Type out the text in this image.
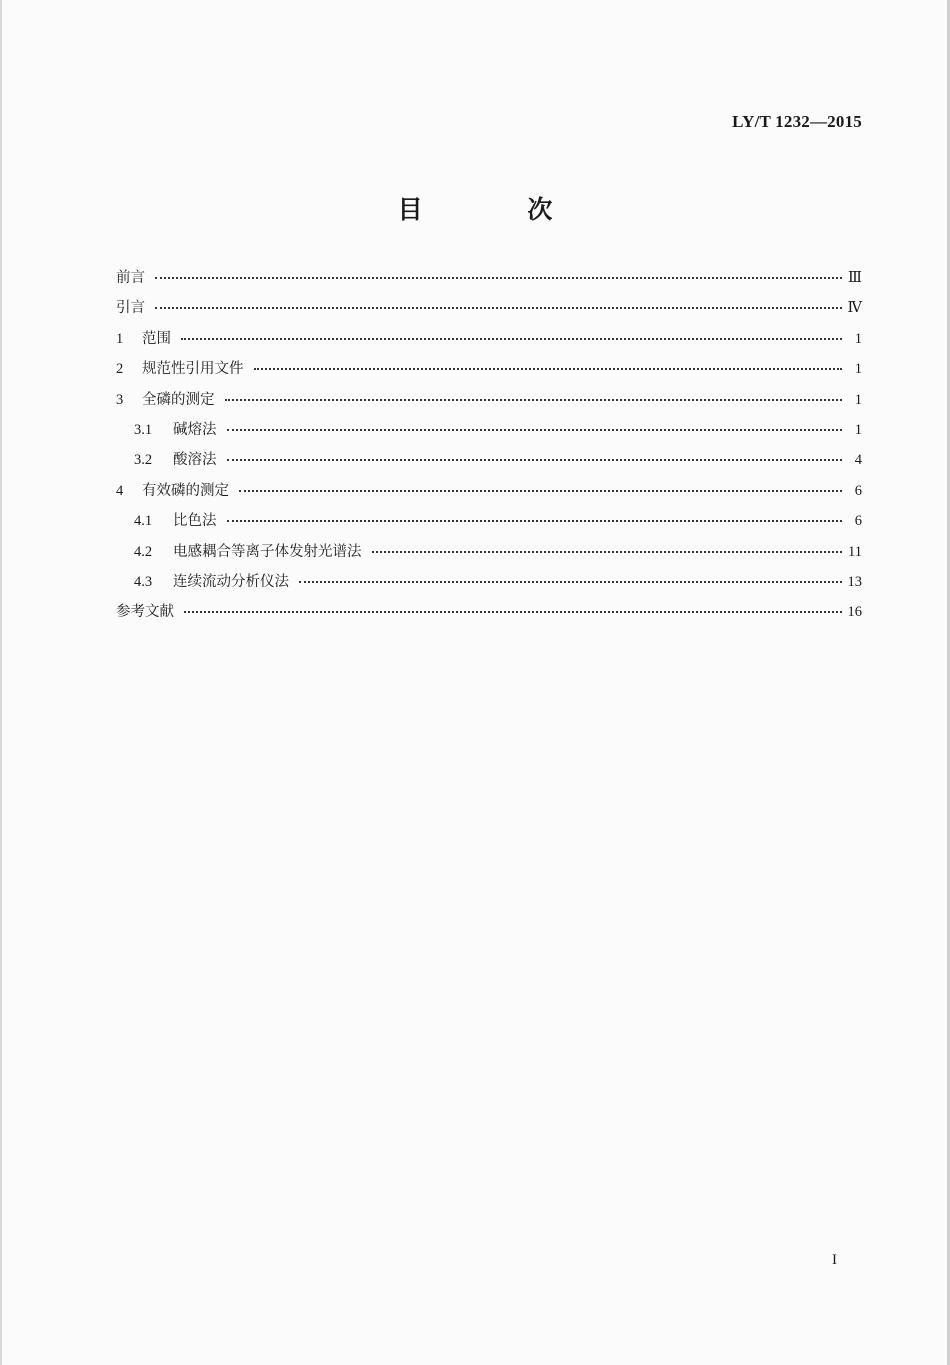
LY/T 1232—2015
目 次
前言	Ⅲ
引言	Ⅳ
1	范围	1
2	规范性引用文件	1
3	全磷的测定	1
3.1	碱熔法	1
3.2	酸溶法	4
4	有效磷的测定	6
4.1	比色法	6
4.2	电感耦合等离子体发射光谱法	11
4.3	连续流动分析仪法	13
参考文献	16
I
